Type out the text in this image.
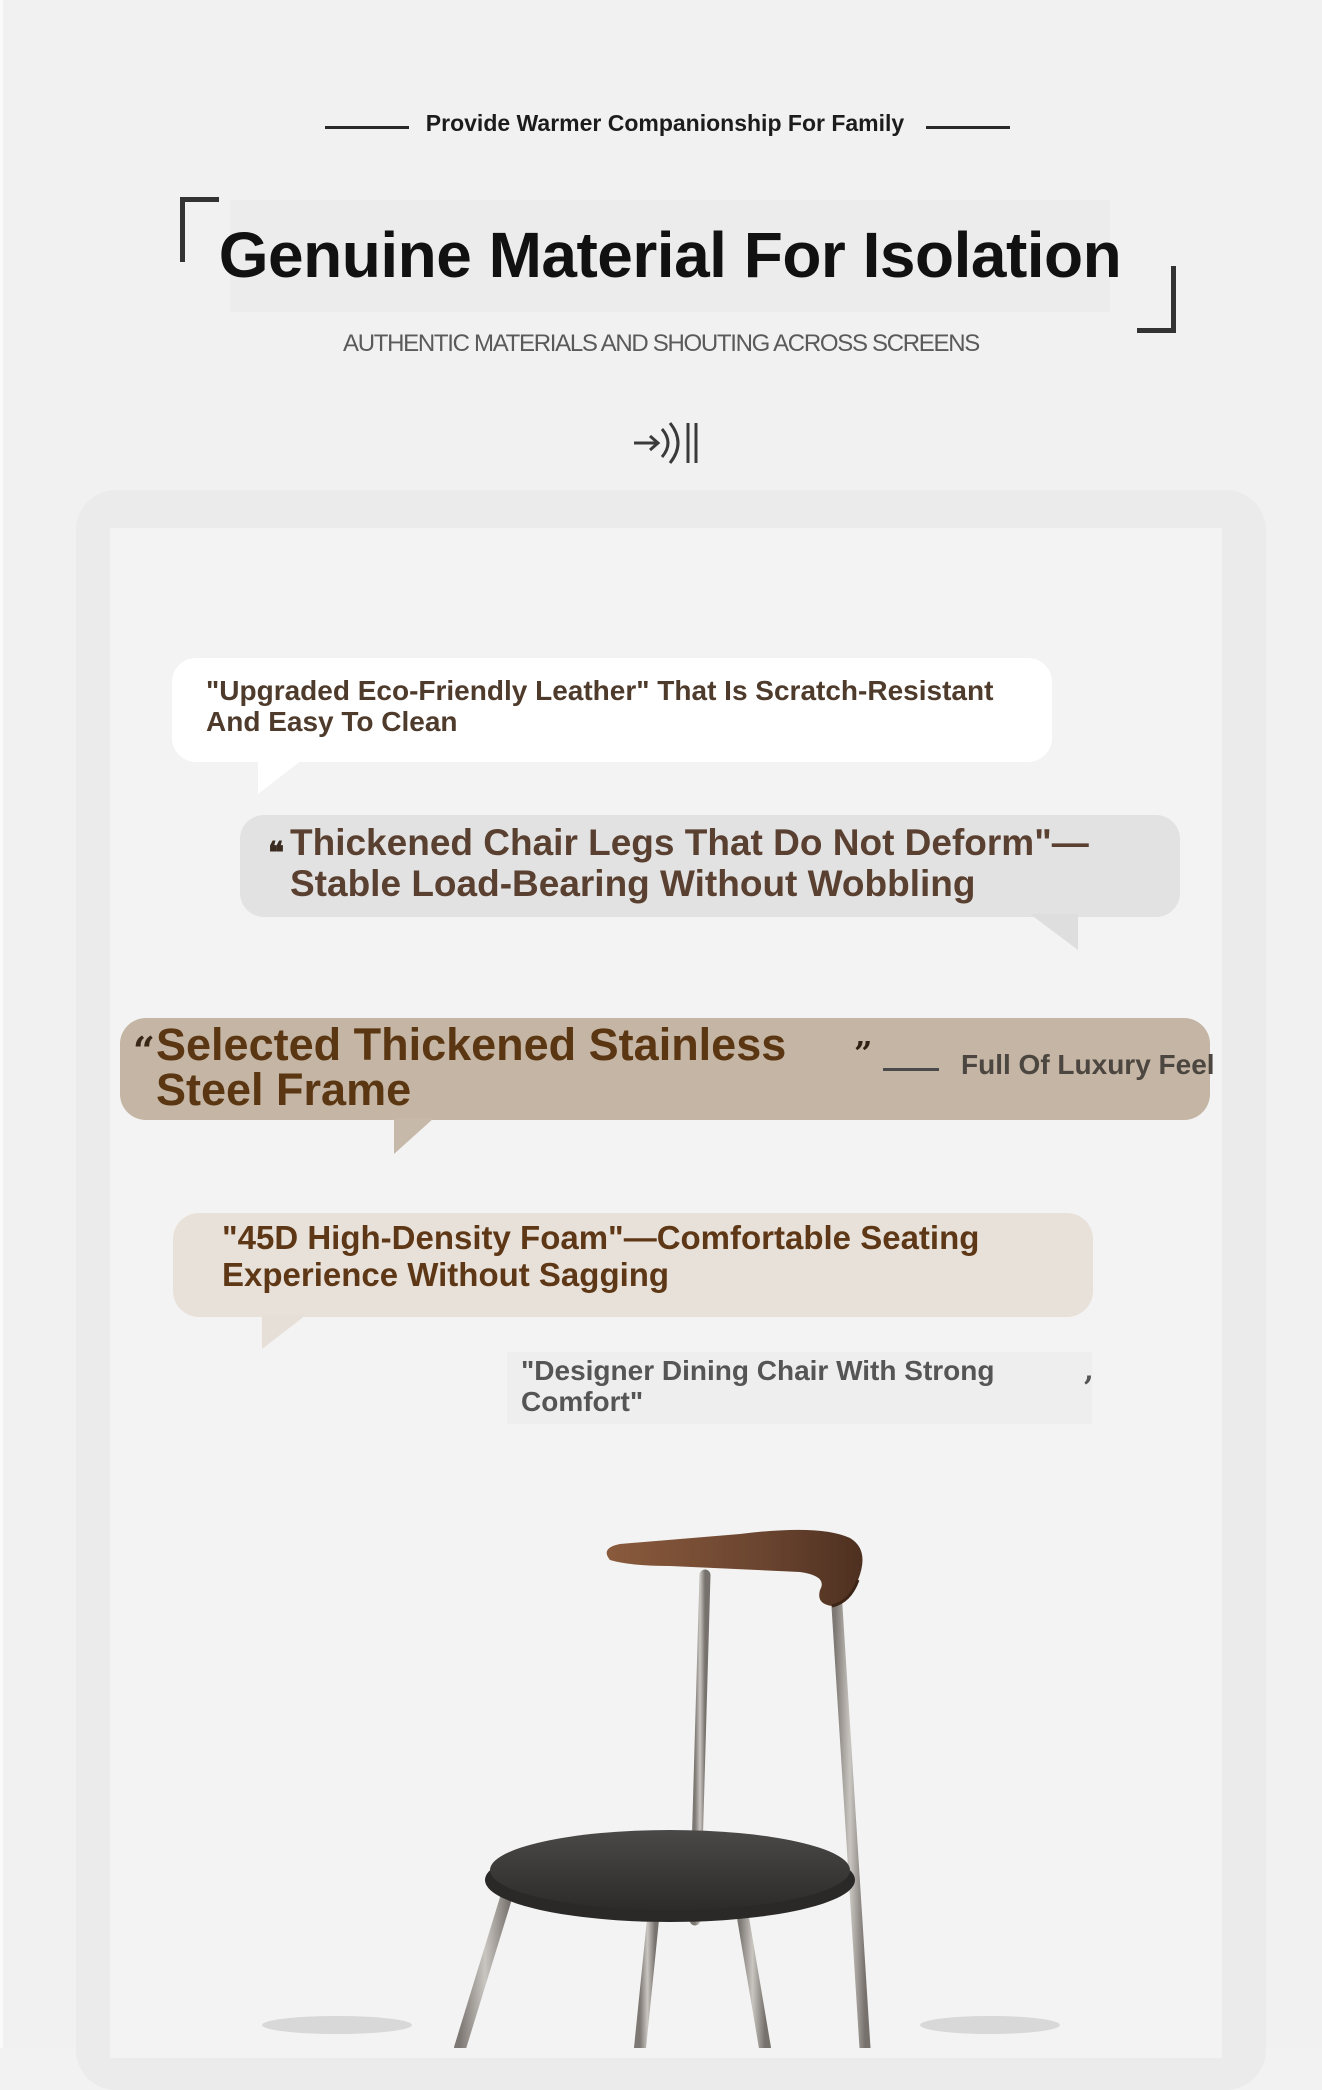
Provide Warmer Companionship For Family
Genuine Material For Isolation
AUTHENTIC MATERIALS AND SHOUTING ACROSS SCREENS
"Upgraded Eco-Friendly Leather" That Is Scratch-Resistant And Easy To Clean
❝ Thickened Chair Legs That Do Not Deform"—Stable Load-Bearing Without Wobbling
“ Selected Thickened Stainless Steel Frame
”	Full Of Luxury Feel
"45D High-Density Foam"—Comfortable Seating Experience Without Sagging
"Designer Dining Chair With Strong Comfort"
,
